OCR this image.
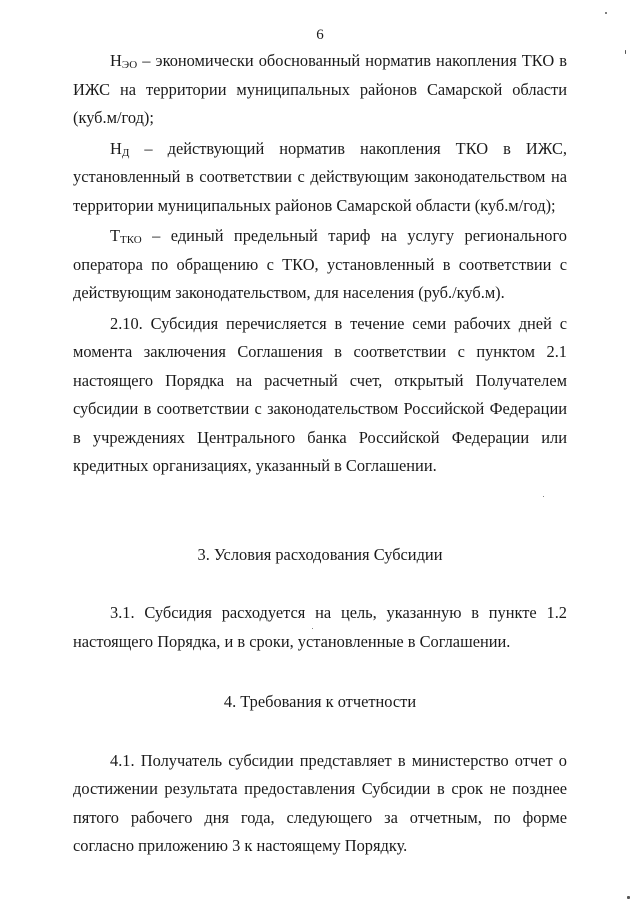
6

$Н_{ЭО}$ – экономически обоснованный норматив накопления ТКО в ИЖС на территории муниципальных районов Самарской области (куб.м/год);

$Н_Д$ – действующий норматив накопления ТКО в ИЖС, установленный в соответствии с действующим законодательством на территории муниципальных районов Самарской области (куб.м/год);

$Т_{ТКО}$ – единый предельный тариф на услугу регионального оператора по обращению с ТКО, установленный в соответствии с действующим законодательством, для населения (руб./куб.м).

2.10. Субсидия перечисляется в течение семи рабочих дней с момента заключения Соглашения в соответствии с пунктом 2.1 настоящего Порядка на расчетный счет, открытый Получателем субсидии в соответствии с законодательством Российской Федерации в учреждениях Центрального банка Российской Федерации или кредитных организациях, указанный в Соглашении.

3. Условия расходования Субсидии

3.1. Субсидия расходуется на цель, указанную в пункте 1.2 настоящего Порядка, и в сроки, установленные в Соглашении.

4. Требования к отчетности

4.1. Получатель субсидии представляет в министерство отчет о достижении результата предоставления Субсидии в срок не позднее пятого рабочего дня года, следующего за отчетным, по форме согласно приложению 3 к настоящему Порядку.
